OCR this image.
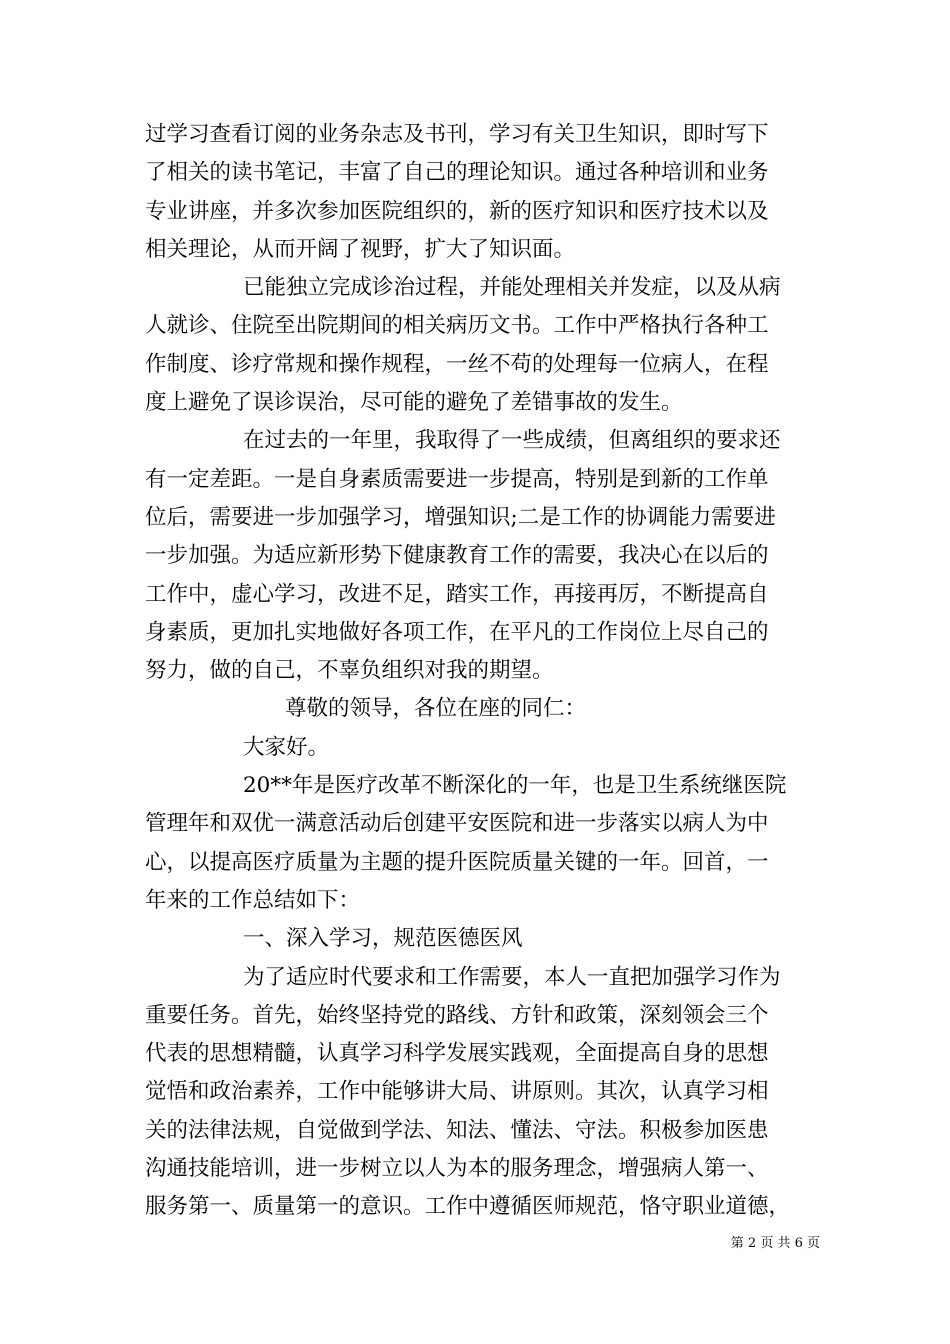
过学习查看订阅的业务杂志及书刊，学习有关卫生知识，即时写下
了相关的读书笔记，丰富了自己的理论知识。通过各种培训和业务
专业讲座，并多次参加医院组织的，新的医疗知识和医疗技术以及
相关理论，从而开阔了视野，扩大了知识面。
已能独立完成诊治过程，并能处理相关并发症，以及从病
人就诊、住院至出院期间的相关病历文书。工作中严格执行各种工
作制度、诊疗常规和操作规程，一丝不苟的处理每一位病人，在程
度上避免了误诊误治，尽可能的避免了差错事故的发生。
在过去的一年里，我取得了一些成绩，但离组织的要求还
有一定差距。一是自身素质需要进一步提高，特别是到新的工作单
位后，需要进一步加强学习，增强知识;二是工作的协调能力需要进
一步加强。为适应新形势下健康教育工作的需要，我决心在以后的
工作中，虚心学习，改进不足，踏实工作，再接再厉，不断提高自
身素质，更加扎实地做好各项工作，在平凡的工作岗位上尽自己的
努力，做的自己，不辜负组织对我的期望。
尊敬的领导，各位在座的同仁：
大家好。
20**年是医疗改革不断深化的一年，也是卫生系统继医院
管理年和双优一满意活动后创建平安医院和进一步落实以病人为中
心，以提高医疗质量为主题的提升医院质量关键的一年。回首，一
年来的工作总结如下：
一、深入学习，规范医德医风
为了适应时代要求和工作需要，本人一直把加强学习作为
重要任务。首先，始终坚持党的路线、方针和政策，深刻领会三个
代表的思想精髓，认真学习科学发展实践观，全面提高自身的思想
觉悟和政治素养，工作中能够讲大局、讲原则。其次，认真学习相
关的法律法规，自觉做到学法、知法、懂法、守法。积极参加医患
沟通技能培训，进一步树立以人为本的服务理念，增强病人第一、
服务第一、质量第一的意识。工作中遵循医师规范，恪守职业道德，
第 2 页 共 6 页
